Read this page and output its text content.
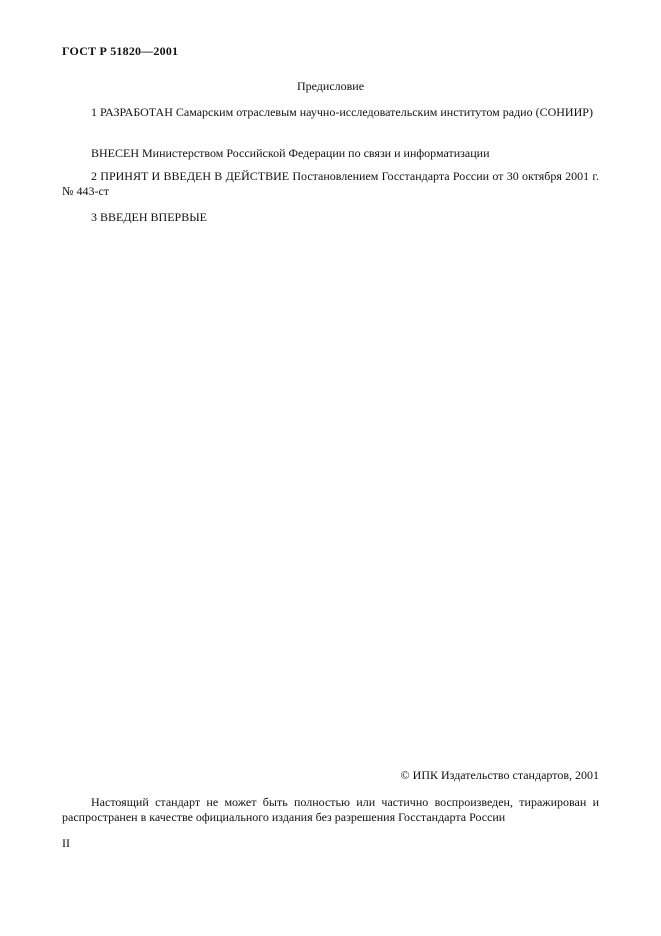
ГОСТ Р 51820—2001
Предисловие

1 РАЗРАБОТАН Самарским отраслевым научно-исследовательским институтом радио (СОНИИР)

ВНЕСЕН Министерством Российской Федерации по связи и информатизации

2 ПРИНЯТ И ВВЕДЕН В ДЕЙСТВИЕ Постановлением Госстандарта России от 30 октября 2001 г. № 443-ст

3 ВВЕДЕН ВПЕРВЫЕ

© ИПК Издательство стандартов, 2001

Настоящий стандарт не может быть полностью или частично воспроизведен, тиражирован и распространен в качестве официального издания без разрешения Госстандарта России

II
